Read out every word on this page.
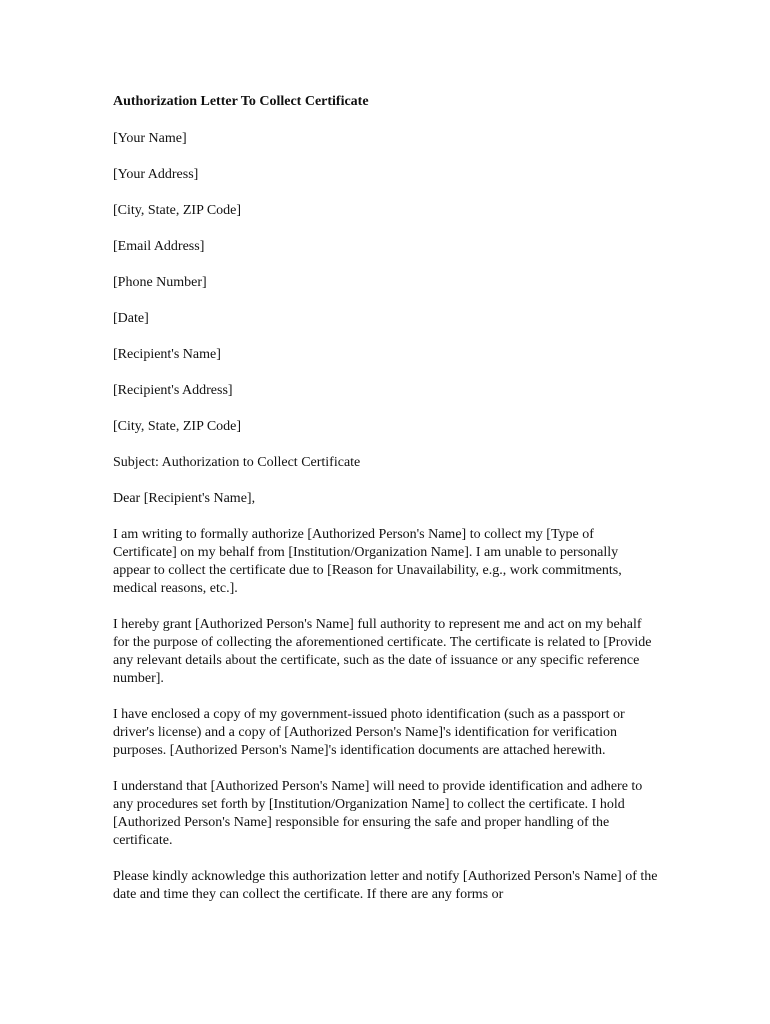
Authorization Letter To Collect Certificate
[Your Name]
[Your Address]
[City, State, ZIP Code]
[Email Address]
[Phone Number]
[Date]
[Recipient's Name]
[Recipient's Address]
[City, State, ZIP Code]
Subject: Authorization to Collect Certificate
Dear [Recipient's Name],

I am writing to formally authorize [Authorized Person's Name] to collect my [Type of Certificate] on my behalf from [Institution/Organization Name]. I am unable to personally appear to collect the certificate due to [Reason for Unavailability, e.g., work commitments, medical reasons, etc.].

I hereby grant [Authorized Person's Name] full authority to represent me and act on my behalf for the purpose of collecting the aforementioned certificate. The certificate is related to [Provide any relevant details about the certificate, such as the date of issuance or any specific reference number].

I have enclosed a copy of my government-issued photo identification (such as a passport or driver's license) and a copy of [Authorized Person's Name]'s identification for verification purposes. [Authorized Person's Name]'s identification documents are attached herewith.

I understand that [Authorized Person's Name] will need to provide identification and adhere to any procedures set forth by [Institution/Organization Name] to collect the certificate. I hold [Authorized Person's Name] responsible for ensuring the safe and proper handling of the certificate.

Please kindly acknowledge this authorization letter and notify [Authorized Person's Name] of the date and time they can collect the certificate. If there are any forms or
